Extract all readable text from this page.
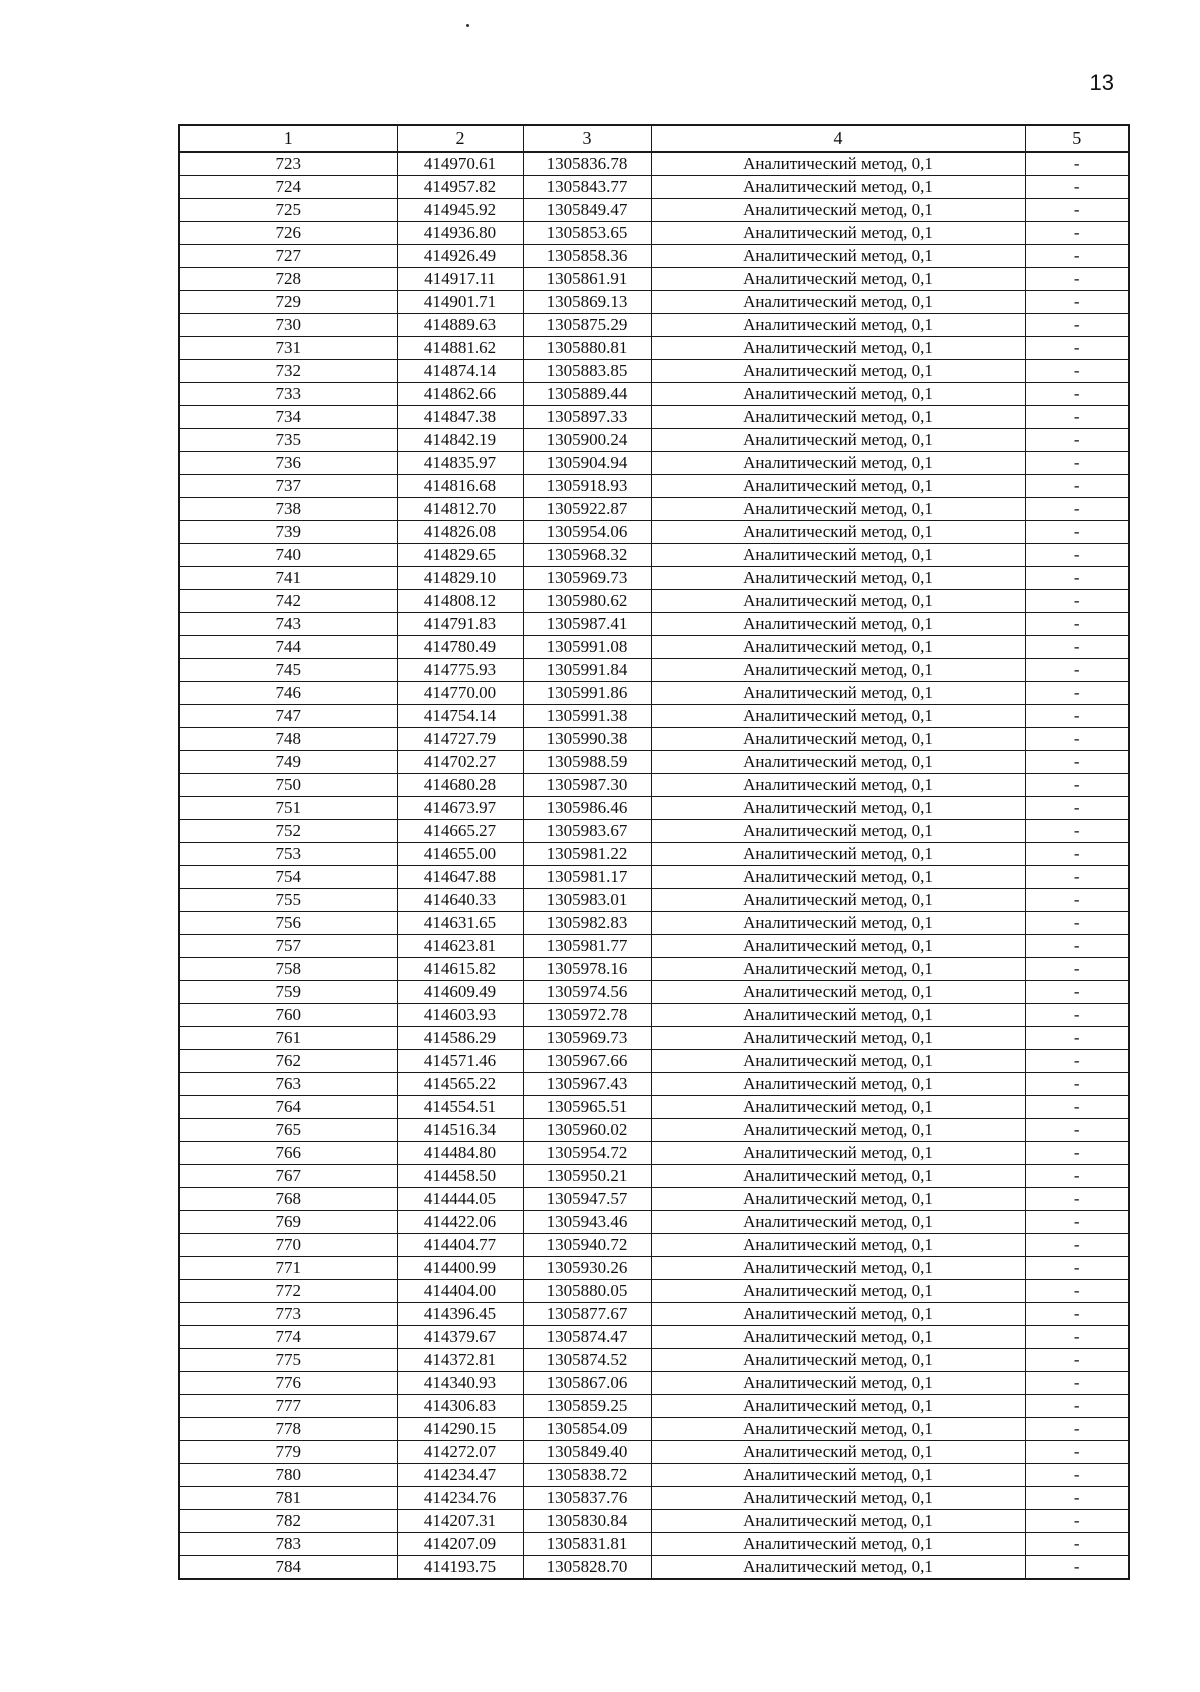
13
1	2	3	4	5
723	414970.61	1305836.78	Аналитический метод, 0,1	-
724	414957.82	1305843.77	Аналитический метод, 0,1	-
725	414945.92	1305849.47	Аналитический метод, 0,1	-
726	414936.80	1305853.65	Аналитический метод, 0,1	-
727	414926.49	1305858.36	Аналитический метод, 0,1	-
728	414917.11	1305861.91	Аналитический метод, 0,1	-
729	414901.71	1305869.13	Аналитический метод, 0,1	-
730	414889.63	1305875.29	Аналитический метод, 0,1	-
731	414881.62	1305880.81	Аналитический метод, 0,1	-
732	414874.14	1305883.85	Аналитический метод, 0,1	-
733	414862.66	1305889.44	Аналитический метод, 0,1	-
734	414847.38	1305897.33	Аналитический метод, 0,1	-
735	414842.19	1305900.24	Аналитический метод, 0,1	-
736	414835.97	1305904.94	Аналитический метод, 0,1	-
737	414816.68	1305918.93	Аналитический метод, 0,1	-
738	414812.70	1305922.87	Аналитический метод, 0,1	-
739	414826.08	1305954.06	Аналитический метод, 0,1	-
740	414829.65	1305968.32	Аналитический метод, 0,1	-
741	414829.10	1305969.73	Аналитический метод, 0,1	-
742	414808.12	1305980.62	Аналитический метод, 0,1	-
743	414791.83	1305987.41	Аналитический метод, 0,1	-
744	414780.49	1305991.08	Аналитический метод, 0,1	-
745	414775.93	1305991.84	Аналитический метод, 0,1	-
746	414770.00	1305991.86	Аналитический метод, 0,1	-
747	414754.14	1305991.38	Аналитический метод, 0,1	-
748	414727.79	1305990.38	Аналитический метод, 0,1	-
749	414702.27	1305988.59	Аналитический метод, 0,1	-
750	414680.28	1305987.30	Аналитический метод, 0,1	-
751	414673.97	1305986.46	Аналитический метод, 0,1	-
752	414665.27	1305983.67	Аналитический метод, 0,1	-
753	414655.00	1305981.22	Аналитический метод, 0,1	-
754	414647.88	1305981.17	Аналитический метод, 0,1	-
755	414640.33	1305983.01	Аналитический метод, 0,1	-
756	414631.65	1305982.83	Аналитический метод, 0,1	-
757	414623.81	1305981.77	Аналитический метод, 0,1	-
758	414615.82	1305978.16	Аналитический метод, 0,1	-
759	414609.49	1305974.56	Аналитический метод, 0,1	-
760	414603.93	1305972.78	Аналитический метод, 0,1	-
761	414586.29	1305969.73	Аналитический метод, 0,1	-
762	414571.46	1305967.66	Аналитический метод, 0,1	-
763	414565.22	1305967.43	Аналитический метод, 0,1	-
764	414554.51	1305965.51	Аналитический метод, 0,1	-
765	414516.34	1305960.02	Аналитический метод, 0,1	-
766	414484.80	1305954.72	Аналитический метод, 0,1	-
767	414458.50	1305950.21	Аналитический метод, 0,1	-
768	414444.05	1305947.57	Аналитический метод, 0,1	-
769	414422.06	1305943.46	Аналитический метод, 0,1	-
770	414404.77	1305940.72	Аналитический метод, 0,1	-
771	414400.99	1305930.26	Аналитический метод, 0,1	-
772	414404.00	1305880.05	Аналитический метод, 0,1	-
773	414396.45	1305877.67	Аналитический метод, 0,1	-
774	414379.67	1305874.47	Аналитический метод, 0,1	-
775	414372.81	1305874.52	Аналитический метод, 0,1	-
776	414340.93	1305867.06	Аналитический метод, 0,1	-
777	414306.83	1305859.25	Аналитический метод, 0,1	-
778	414290.15	1305854.09	Аналитический метод, 0,1	-
779	414272.07	1305849.40	Аналитический метод, 0,1	-
780	414234.47	1305838.72	Аналитический метод, 0,1	-
781	414234.76	1305837.76	Аналитический метод, 0,1	-
782	414207.31	1305830.84	Аналитический метод, 0,1	-
783	414207.09	1305831.81	Аналитический метод, 0,1	-
784	414193.75	1305828.70	Аналитический метод, 0,1	-
